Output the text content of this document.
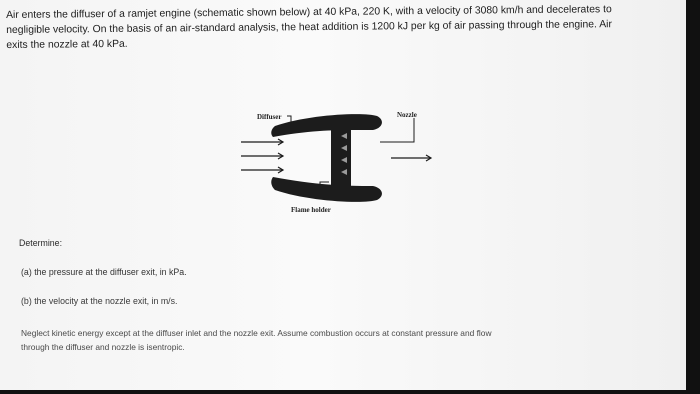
Air enters the diffuser of a ramjet engine (schematic shown below) at 40 kPa, 220 K, with a velocity of 3080 km/h and decelerates to
negligible velocity. On the basis of an air-standard analysis, the heat addition is 1200 kJ per kg of air passing through the engine. Air
exits the nozzle at 40 kPa.
Diffuser	Nozzle
Flame holder
Determine:
(a) the pressure at the diffuser exit, in kPa.
(b) the velocity at the nozzle exit, in m/s.
Neglect kinetic energy except at the diffuser inlet and the nozzle exit. Assume combustion occurs at constant pressure and flow
through the diffuser and nozzle is isentropic.
